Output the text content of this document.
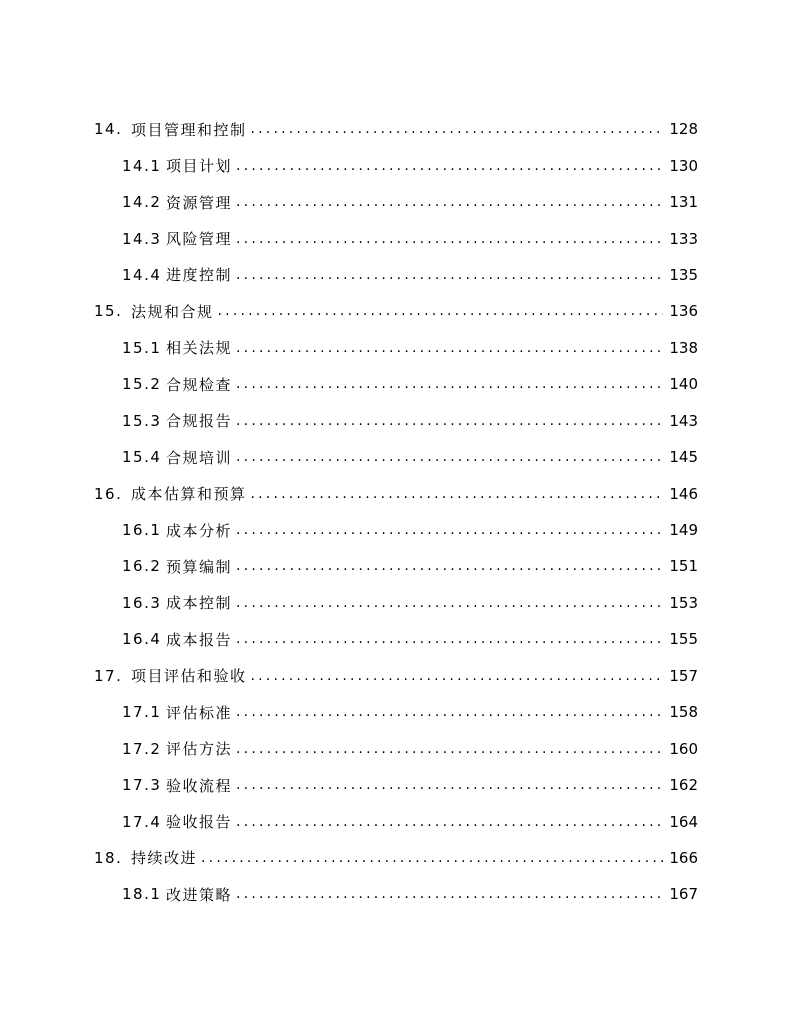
14. 项目管理和控制 .....	128
14.1 项目计划 .....	130
14.2 资源管理 .....	131
14.3 风险管理 .....	133
14.4 进度控制 .....	135
15. 法规和合规 .....	136
15.1 相关法规 .....	138
15.2 合规检查 .....	140
15.3 合规报告 .....	143
15.4 合规培训 .....	145
16. 成本估算和预算 .....	146
16.1 成本分析 .....	149
16.2 预算编制 .....	151
16.3 成本控制 .....	153
16.4 成本报告 .....	155
17. 项目评估和验收 .....	157
17.1 评估标准 .....	158
17.2 评估方法 .....	160
17.3 验收流程 .....	162
17.4 验收报告 .....	164
18. 持续改进 .....	166
18.1 改进策略 .....	167
